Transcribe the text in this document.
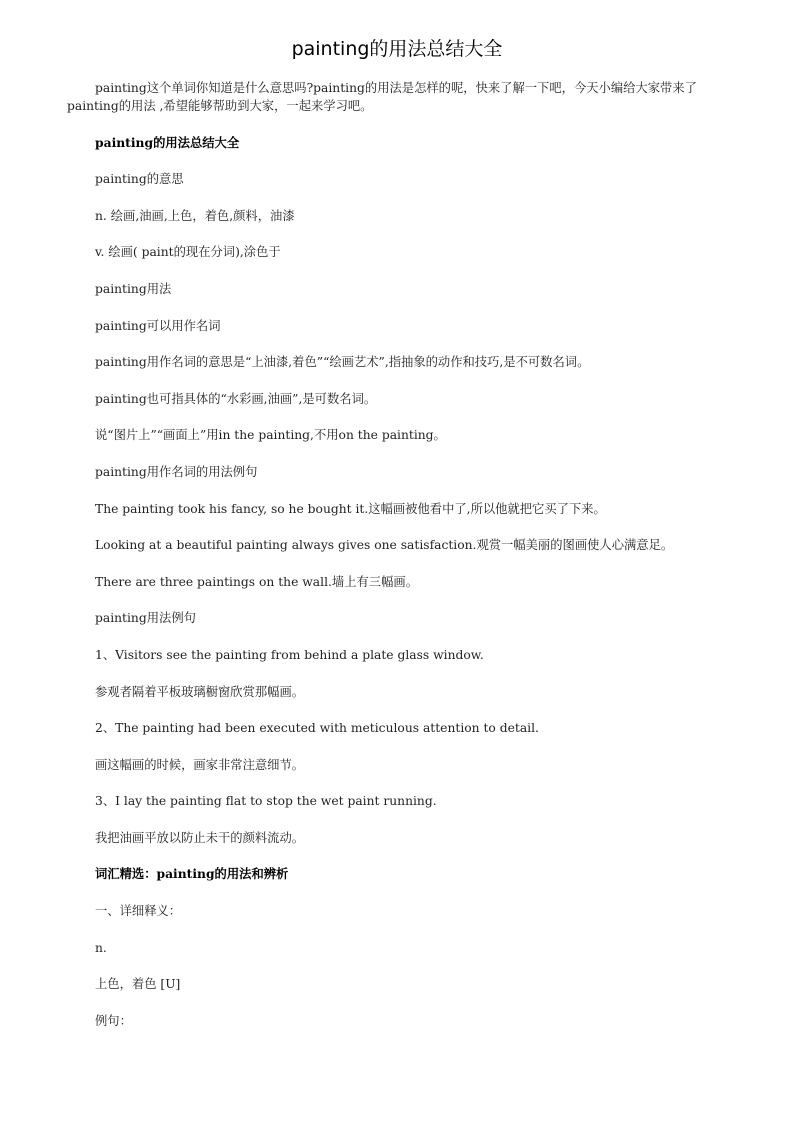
painting的用法总结大全

painting这个单词你知道是什么意思吗?painting的用法是怎样的呢，快来了解一下吧，今天小编给大家带来了painting的用法 ,希望能够帮助到大家，一起来学习吧。

painting的用法总结大全

painting的意思

n. 绘画,油画,上色，着色,颜料，油漆

v. 绘画( paint的现在分词),涂色于

painting用法

painting可以用作名词

painting用作名词的意思是“上油漆,着色”“绘画艺术”,指抽象的动作和技巧,是不可数名词。

painting也可指具体的“水彩画,油画”,是可数名词。

说“图片上”“画面上”用in the painting,不用on the painting。

painting用作名词的用法例句

The painting took his fancy, so he bought it.这幅画被他看中了,所以他就把它买了下来。

Looking at a beautiful painting always gives one satisfaction.观赏一幅美丽的图画使人心满意足。

There are three paintings on the wall.墙上有三幅画。

painting用法例句

1、Visitors see the painting from behind a plate glass window.

参观者隔着平板玻璃橱窗欣赏那幅画。

2、The painting had been executed with meticulous attention to detail.

画这幅画的时候，画家非常注意细节。

3、I lay the painting flat to stop the wet paint running.

我把油画平放以防止未干的颜料流动。

词汇精选：painting的用法和辨析

一、详细释义：

n.

上色，着色 [U]

例句：
